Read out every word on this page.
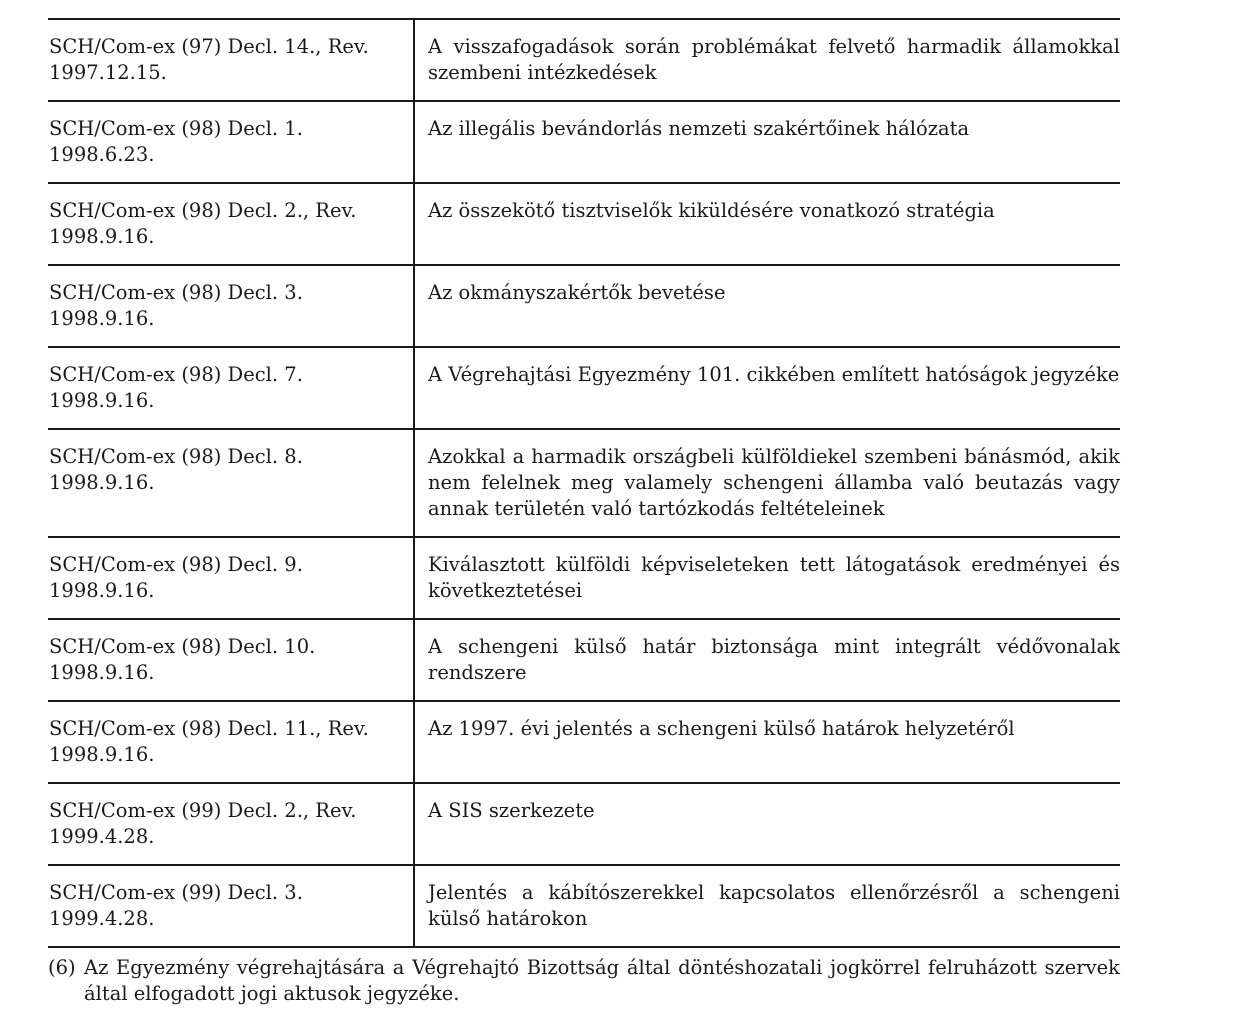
SCH/Com-ex (97) Decl. 14., Rev.
1997.12.15.	A visszafogadások során problémákat felvető harmadik államokkal szembeni intézkedések

SCH/Com-ex (98) Decl. 1.
1998.6.23.	Az illegális bevándorlás nemzeti szakértőinek hálózata

SCH/Com-ex (98) Decl. 2., Rev.
1998.9.16.	Az összekötő tisztviselők kiküldésére vonatkozó stratégia

SCH/Com-ex (98) Decl. 3.
1998.9.16.	Az okmányszakértők bevetése

SCH/Com-ex (98) Decl. 7.
1998.9.16.	A Végrehajtási Egyezmény 101. cikkében említett hatóságok jegyzéke

SCH/Com-ex (98) Decl. 8.
1998.9.16.	Azokkal a harmadik országbeli külföldiekel szembeni bánásmód, akik nem felelnek meg valamely schengeni államba való beutazás vagy annak területén való tartózkodás feltételeinek

SCH/Com-ex (98) Decl. 9.
1998.9.16.	Kiválasztott külföldi képviseleteken tett látogatások eredményei és következtetései

SCH/Com-ex (98) Decl. 10.
1998.9.16.	A schengeni külső határ biztonsága mint integrált védővonalak rendszere

SCH/Com-ex (98) Decl. 11., Rev.
1998.9.16.	Az 1997. évi jelentés a schengeni külső határok helyzetéről

SCH/Com-ex (99) Decl. 2., Rev.
1999.4.28.	A SIS szerkezete

SCH/Com-ex (99) Decl. 3.
1999.4.28.	Jelentés a kábítószerekkel kapcsolatos ellenőrzésről a schengeni külső határokon
(6) Az Egyezmény végrehajtására a Végrehajtó Bizottság által döntéshozatali jogkörrel felruházott szervek által elfogadott jogi aktusok jegyzéke.
